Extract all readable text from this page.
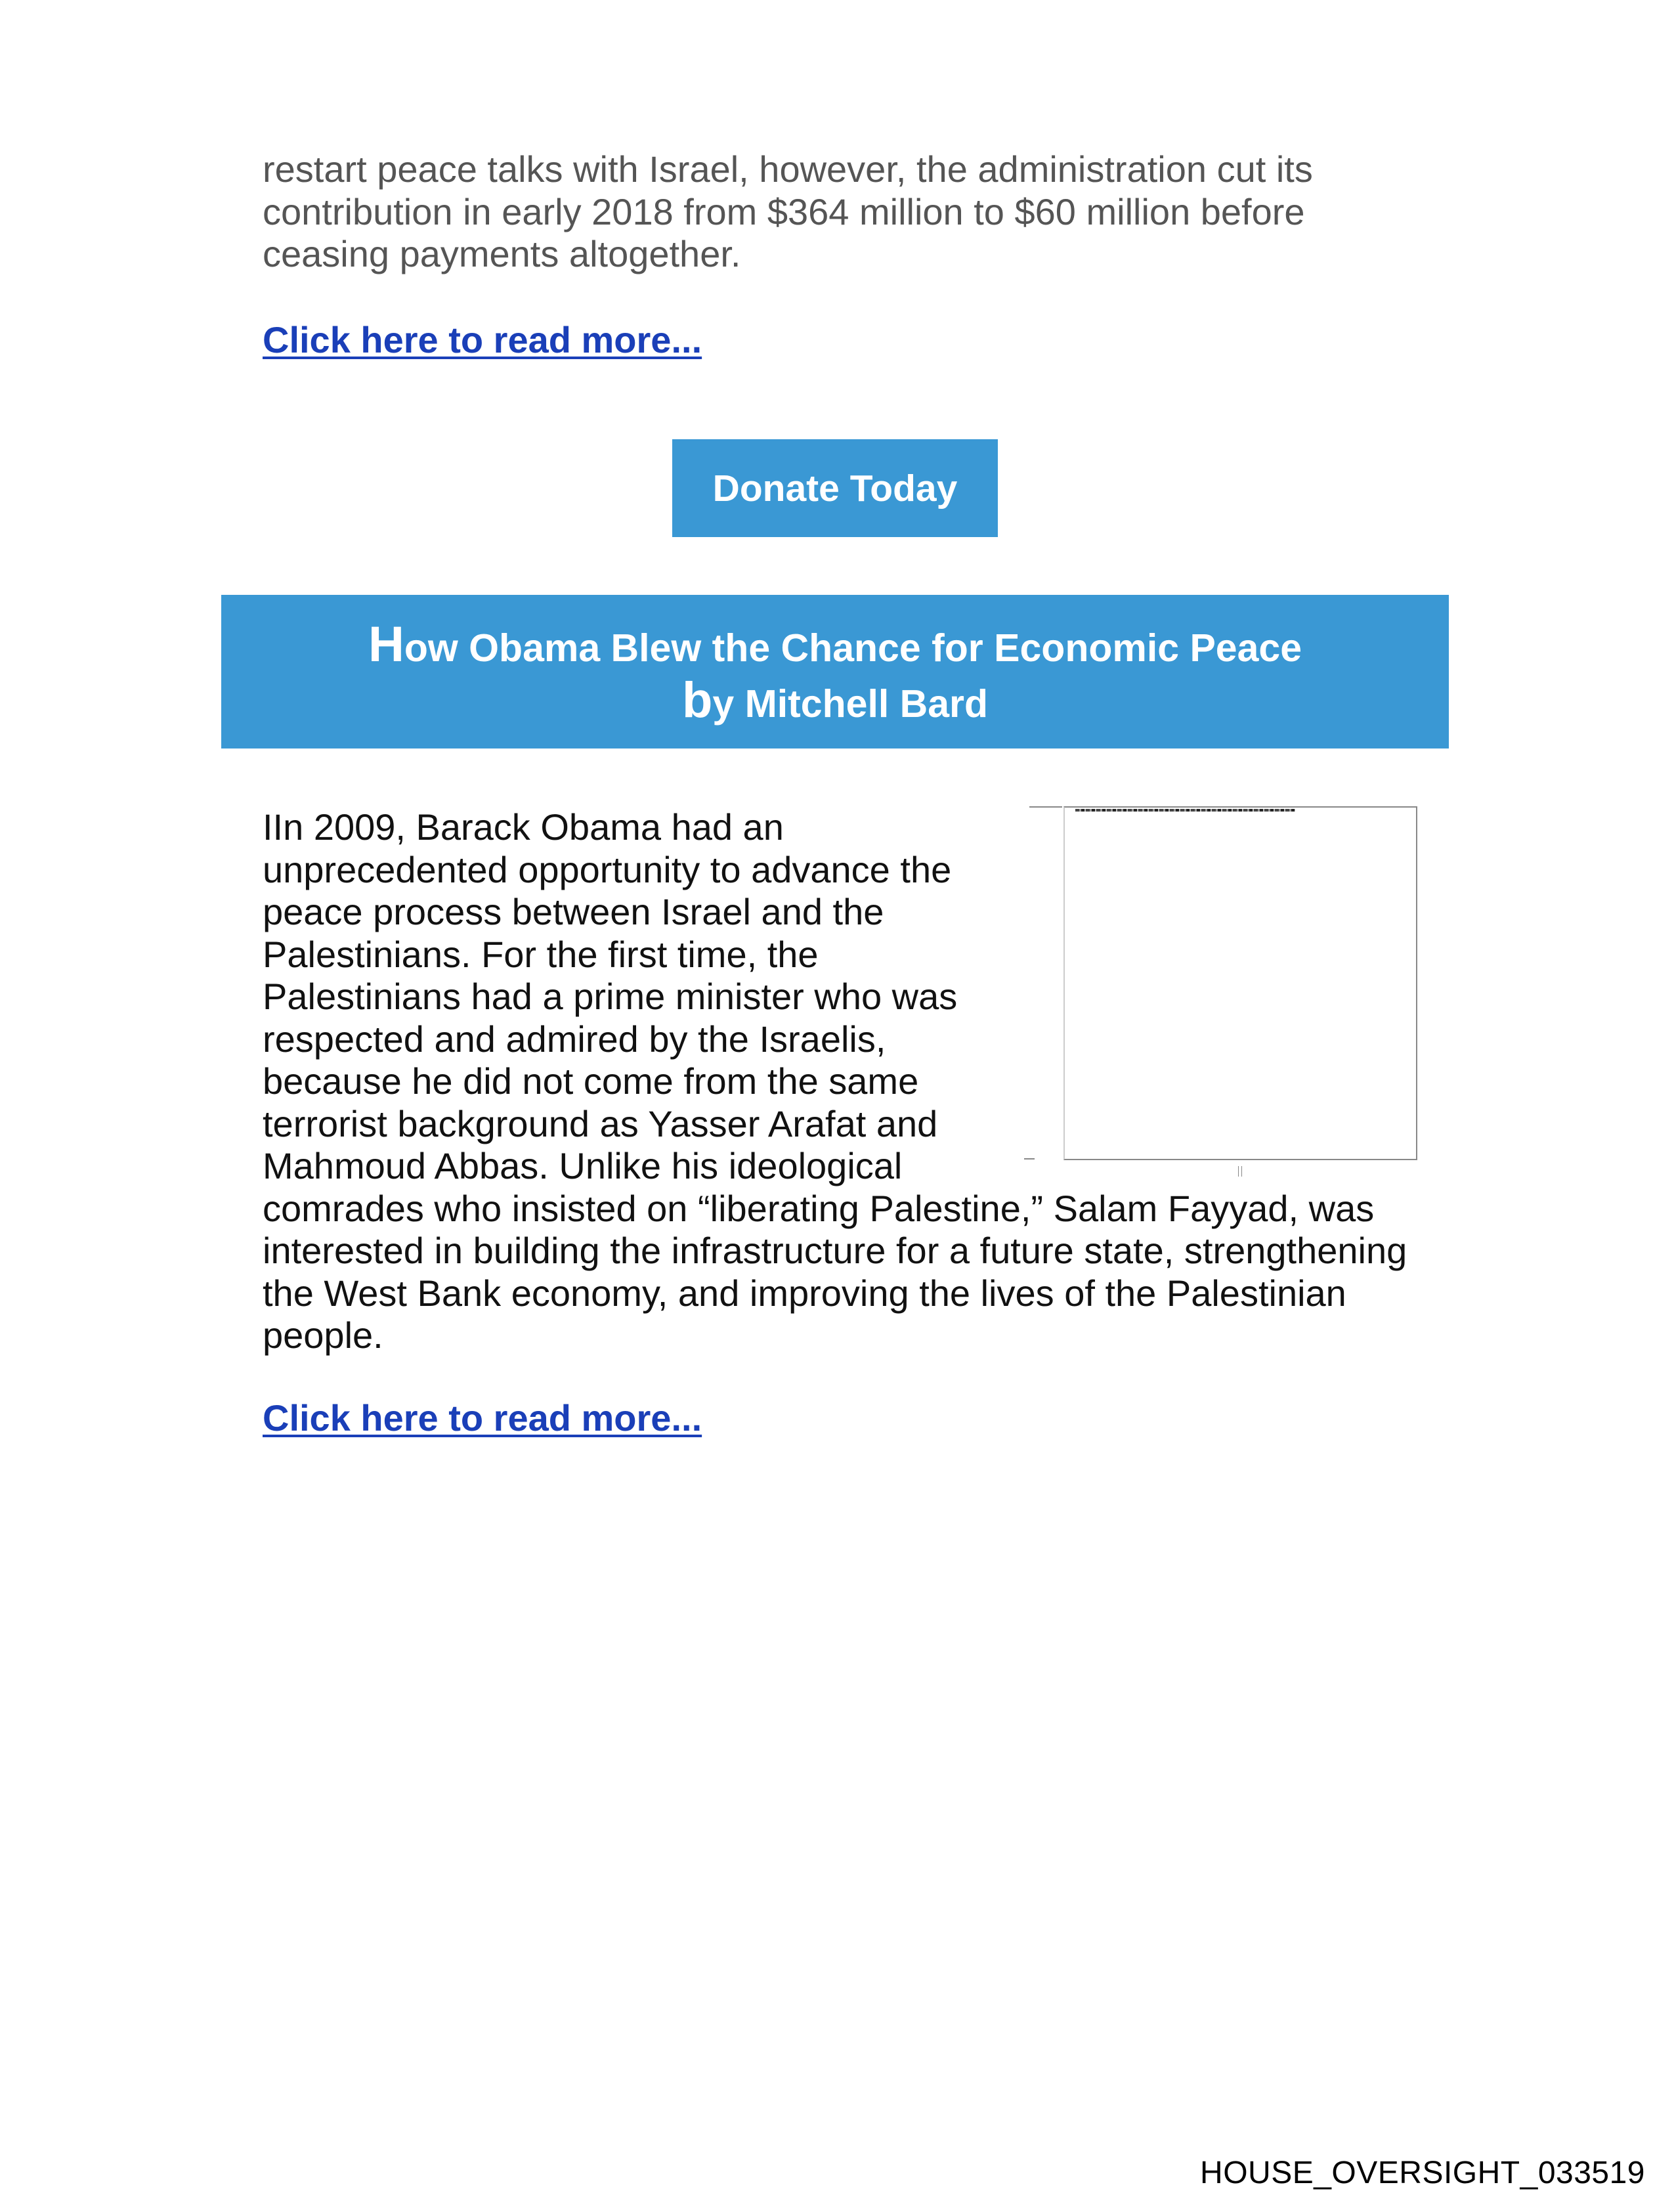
restart peace talks with Israel, however, the administration cut its
contribution in early 2018 from $364 million to $60 million before
ceasing payments altogether.

Click here to read more...
Donate Today
How Obama Blew the Chance for Economic Peace
by Mitchell Bard
IIn 2009, Barack Obama had an unprecedented opportunity to advance the peace process between Israel and the Palestinians. For the first time, the Palestinians had a prime minister who was respected and admired by the Israelis, because he did not come from the same terrorist background as Yasser Arafat and Mahmoud Abbas. Unlike his ideological comrades who insisted on “liberating Palestine,” Salam Fayyad, was interested in building the infrastructure for a future state, strengthening the West Bank economy, and improving the lives of the Palestinian people.
Click here to read more...
HOUSE_OVERSIGHT_033519
